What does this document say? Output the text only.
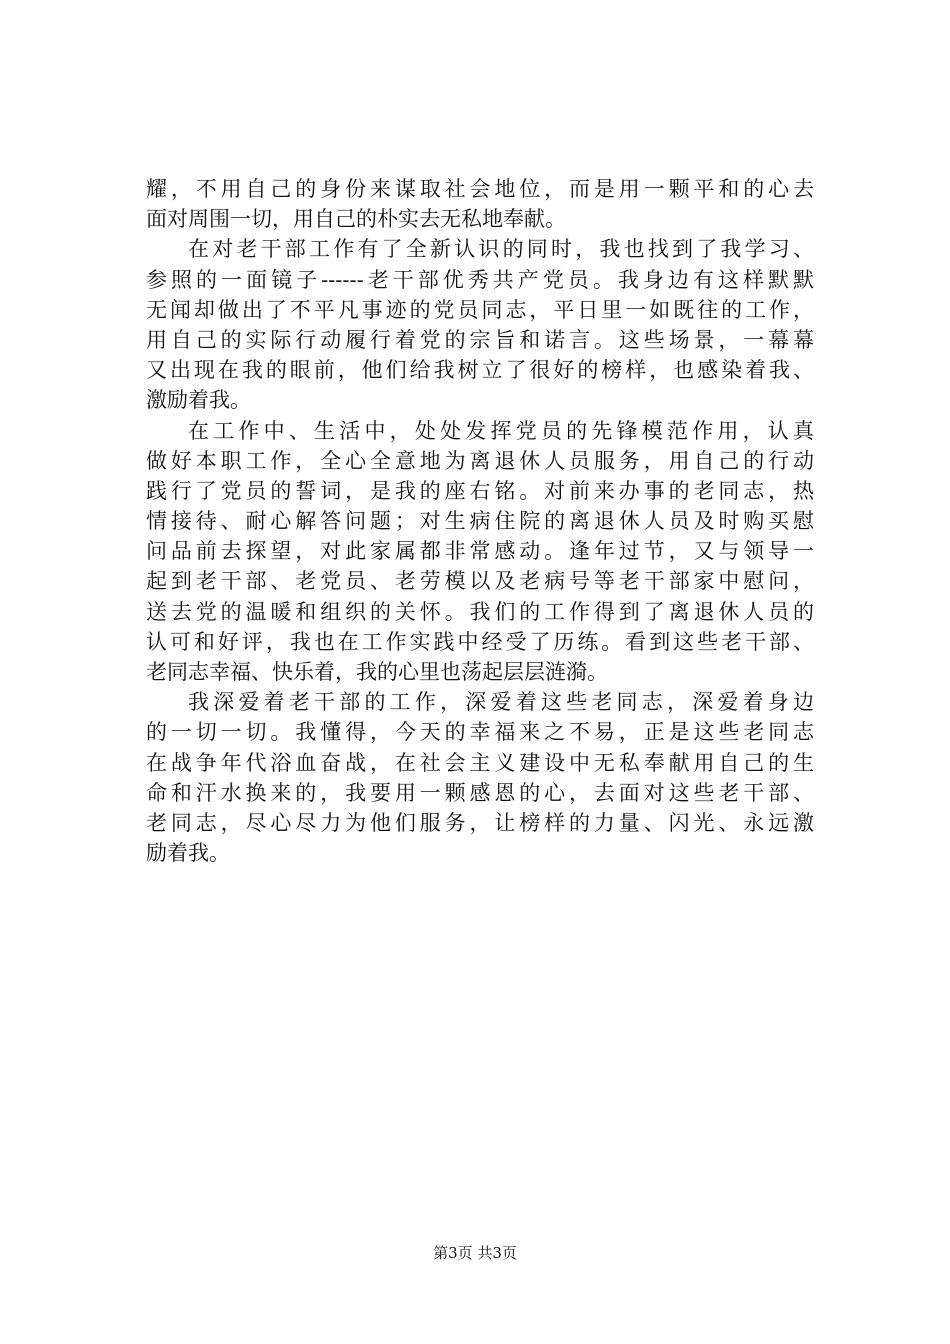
耀，不用自己的身份来谋取社会地位，而是用一颗平和的心去
面对周围一切，用自己的朴实去无私地奉献。
在对老干部工作有了全新认识的同时，我也找到了我学习、
参照的一面镜子------老干部优秀共产党员。我身边有这样默默
无闻却做出了不平凡事迹的党员同志，平日里一如既往的工作，
用自己的实际行动履行着党的宗旨和诺言。这些场景，一幕幕
又出现在我的眼前，他们给我树立了很好的榜样，也感染着我、
激励着我。
在工作中、生活中，处处发挥党员的先锋模范作用，认真
做好本职工作，全心全意地为离退休人员服务，用自己的行动
践行了党员的誓词，是我的座右铭。对前来办事的老同志，热
情接待、耐心解答问题；对生病住院的离退休人员及时购买慰
问品前去探望，对此家属都非常感动。逢年过节，又与领导一
起到老干部、老党员、老劳模以及老病号等老干部家中慰问，
送去党的温暖和组织的关怀。我们的工作得到了离退休人员的
认可和好评，我也在工作实践中经受了历练。看到这些老干部、
老同志幸福、快乐着，我的心里也荡起层层涟漪。
我深爱着老干部的工作，深爱着这些老同志，深爱着身边
的一切一切。我懂得，今天的幸福来之不易，正是这些老同志
在战争年代浴血奋战，在社会主义建设中无私奉献用自己的生
命和汗水换来的，我要用一颗感恩的心，去面对这些老干部、
老同志，尽心尽力为他们服务，让榜样的力量、闪光、永远激
励着我。
第3页 共3页
